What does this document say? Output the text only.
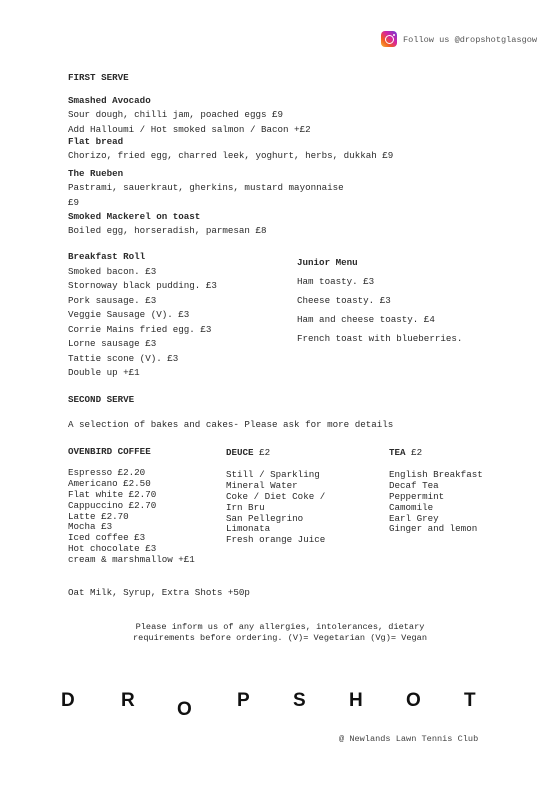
Follow us @dropshotglasgow
FIRST SERVE
Smashed Avocado
Sour dough, chilli jam, poached eggs £9
Add Halloumi / Hot smoked salmon / Bacon +£2
Flat bread
Chorizo, fried egg, charred leek, yoghurt, herbs, dukkah £9
The Rueben
Pastrami, sauerkraut, gherkins, mustard mayonnaise
£9
Smoked Mackerel on toast
Boiled egg, horseradish, parmesan £8
Breakfast Roll
Smoked bacon. £3
Stornoway black pudding. £3
Pork sausage. £3
Veggie Sausage (V). £3
Corrie Mains fried egg. £3
Lorne sausage £3
Tattie scone (V). £3
Double up +£1
Junior Menu
Ham toasty. £3
Cheese toasty. £3
Ham and cheese toasty. £4
French toast with blueberries.
SECOND SERVE
A selection of bakes and cakes- Please ask for more details
OVENBIRD COFFEE
Espresso £2.20
Americano £2.50
Flat white £2.70
Cappuccino £2.70
Latte £2.70
Mocha £3
Iced coffee £3
Hot chocolate £3
cream & marshmallow +£1
DEUCE £2
Still / Sparkling
Mineral Water
Coke / Diet Coke /
Irn Bru
San Pellegrino
Limonata
Fresh orange Juice
TEA £2
English Breakfast
Decaf Tea
Peppermint
Camomile
Earl Grey
Ginger and lemon
Oat Milk, Syrup, Extra Shots +50p
Please inform us of any allergies, intolerances, dietary
requirements before ordering. (V)= Vegetarian (Vg)= Vegan
D R O P S H O T
@ Newlands Lawn Tennis Club
